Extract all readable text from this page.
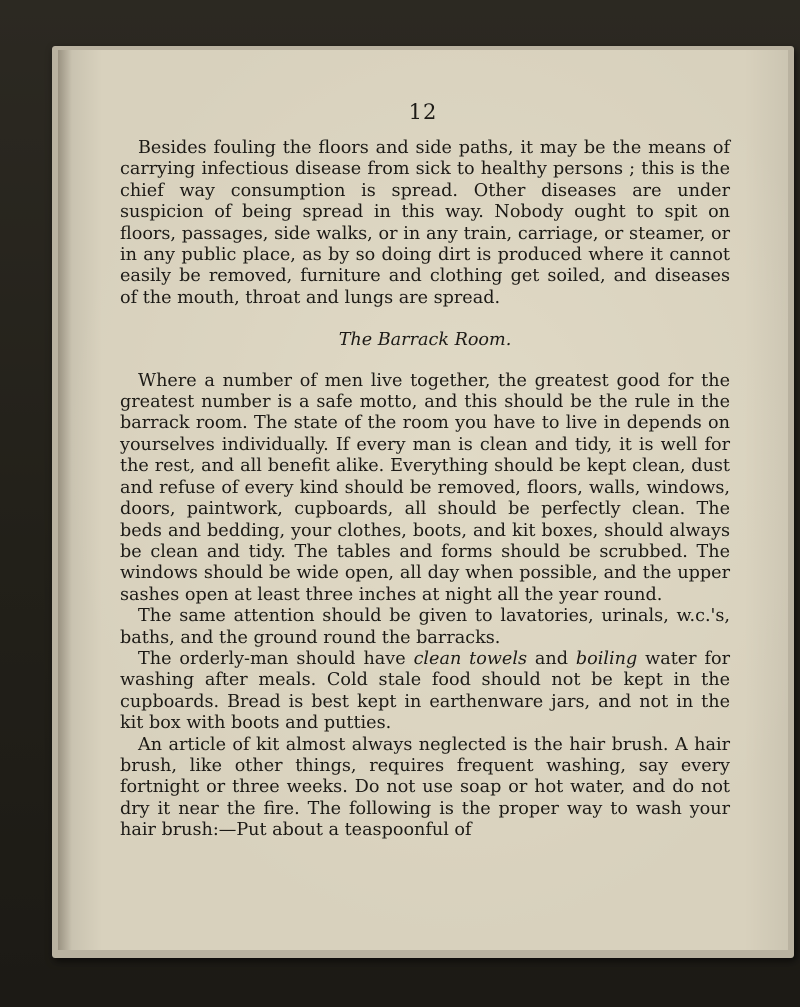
12

Besides fouling the floors and side paths, it may be the means of carrying infectious disease from sick to healthy persons ; this is the chief way consumption is spread. Other diseases are under suspicion of being spread in this way. Nobody ought to spit on floors, passages, side walks, or in any train, carriage, or steamer, or in any public place, as by so doing dirt is produced where it cannot easily be removed, furniture and clothing get soiled, and diseases of the mouth, throat and lungs are spread.

The Barrack Room.

Where a number of men live together, the greatest good for the greatest number is a safe motto, and this should be the rule in the barrack room. The state of the room you have to live in depends on yourselves individually. If every man is clean and tidy, it is well for the rest, and all benefit alike. Everything should be kept clean, dust and refuse of every kind should be removed, floors, walls, windows, doors, paintwork, cupboards, all should be perfectly clean. The beds and bedding, your clothes, boots, and kit boxes, should always be clean and tidy. The tables and forms should be scrubbed. The windows should be wide open, all day when possible, and the upper sashes open at least three inches at night all the year round.

The same attention should be given to lavatories, urinals, w.c.'s, baths, and the ground round the barracks.

The orderly-man should have clean towels and boiling water for washing after meals. Cold stale food should not be kept in the cupboards. Bread is best kept in earthenware jars, and not in the kit box with boots and putties.

An article of kit almost always neglected is the hair brush. A hair brush, like other things, requires frequent washing, say every fortnight or three weeks. Do not use soap or hot water, and do not dry it near the fire. The following is the proper way to wash your hair brush:—Put about a teaspoonful of
